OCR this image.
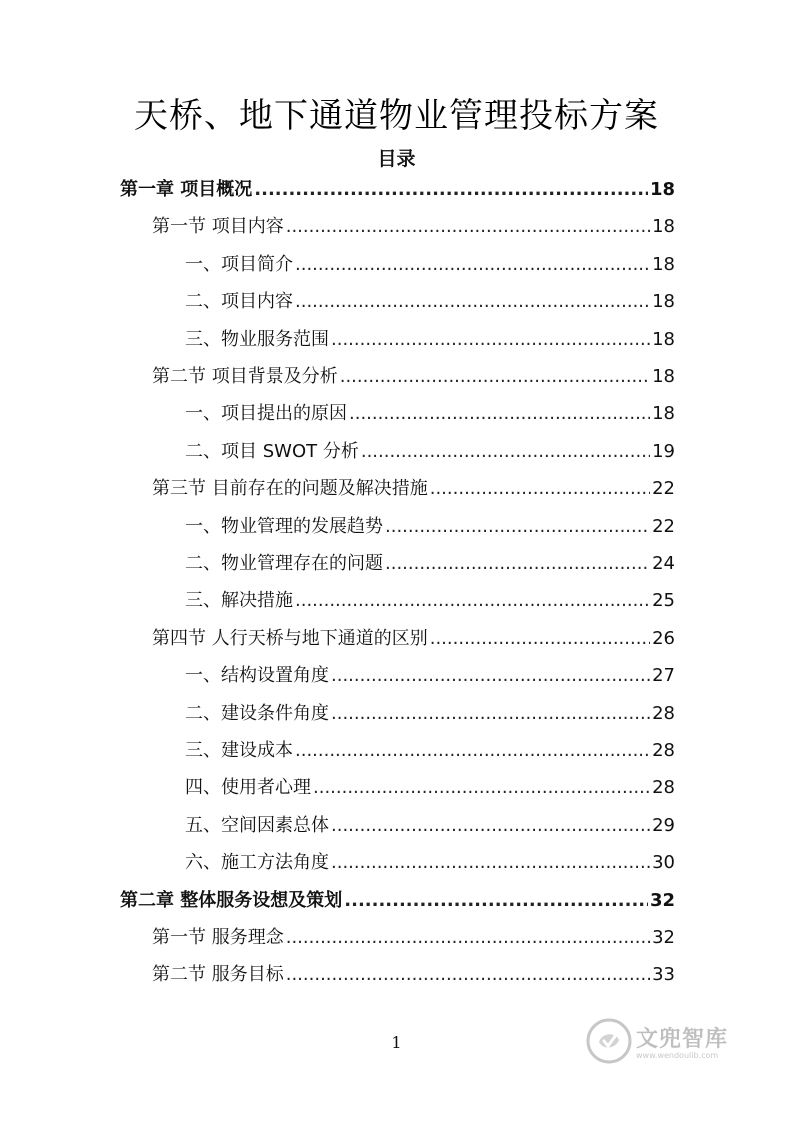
天桥、地下通道物业管理投标方案
目录
第一章 项目概况 .....	18
第一节 项目内容 .....	18
一、项目简介 .....	18
二、项目内容 .....	18
三、物业服务范围 .....	18
第二节 项目背景及分析 .....	18
一、项目提出的原因 .....	18
二、项目 SWOT 分析 .....	19
第三节 目前存在的问题及解决措施 .....	22
一、物业管理的发展趋势 .....	22
二、物业管理存在的问题 .....	24
三、解决措施 .....	25
第四节 人行天桥与地下通道的区别 .....	26
一、结构设置角度 .....	27
二、建设条件角度 .....	28
三、建设成本 .....	28
四、使用者心理 .....	28
五、空间因素总体 .....	29
六、施工方法角度 .....	30
第二章 整体服务设想及策划 .....	32
第一节 服务理念 .....	32
第二节 服务目标 .....	33
1	文兜智库
www.wendoulib.com
